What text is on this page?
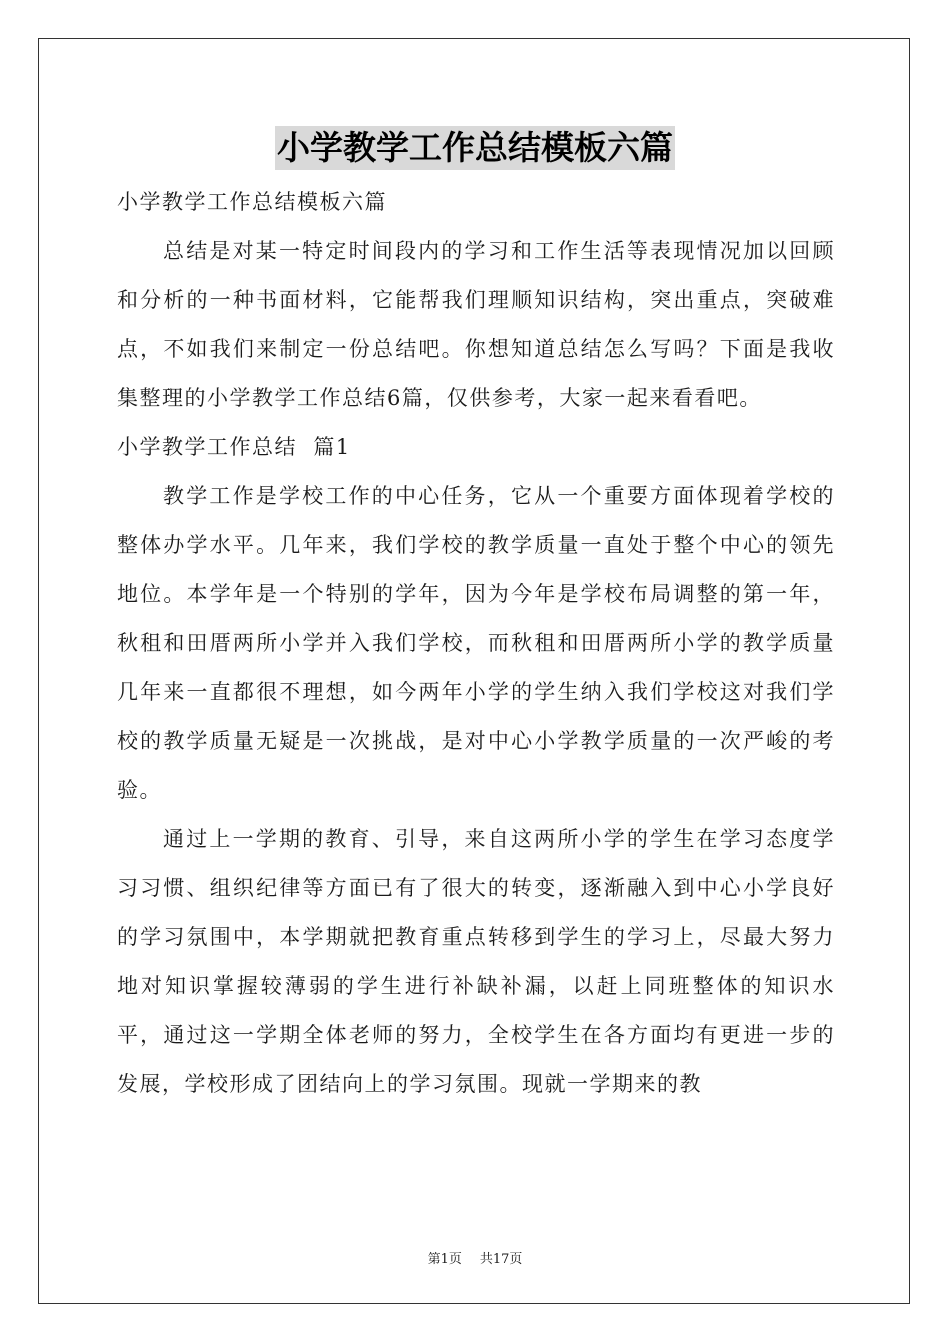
小学教学工作总结模板六篇

小学教学工作总结模板六篇

总结是对某一特定时间段内的学习和工作生活等表现情况加以回顾和分析的一种书面材料，它能帮我们理顺知识结构，突出重点，突破难点，不如我们来制定一份总结吧。你想知道总结怎么写吗？下面是我收集整理的小学教学工作总结6篇，仅供参考，大家一起来看看吧。

小学教学工作总结  篇1

教学工作是学校工作的中心任务，它从一个重要方面体现着学校的整体办学水平。几年来，我们学校的教学质量一直处于整个中心的领先地位。本学年是一个特别的学年，因为今年是学校布局调整的第一年，秋租和田厝两所小学并入我们学校，而秋租和田厝两所小学的教学质量几年来一直都很不理想，如今两年小学的学生纳入我们学校这对我们学校的教学质量无疑是一次挑战，是对中心小学教学质量的一次严峻的考验。

通过上一学期的教育、引导，来自这两所小学的学生在学习态度学习习惯、组织纪律等方面已有了很大的转变，逐渐融入到中心小学良好的学习氛围中，本学期就把教育重点转移到学生的学习上，尽最大努力地对知识掌握较薄弱的学生进行补缺补漏，以赶上同班整体的知识水平，通过这一学期全体老师的努力，全校学生在各方面均有更进一步的发展，学校形成了团结向上的学习氛围。现就一学期来的教

第1页 共17页
